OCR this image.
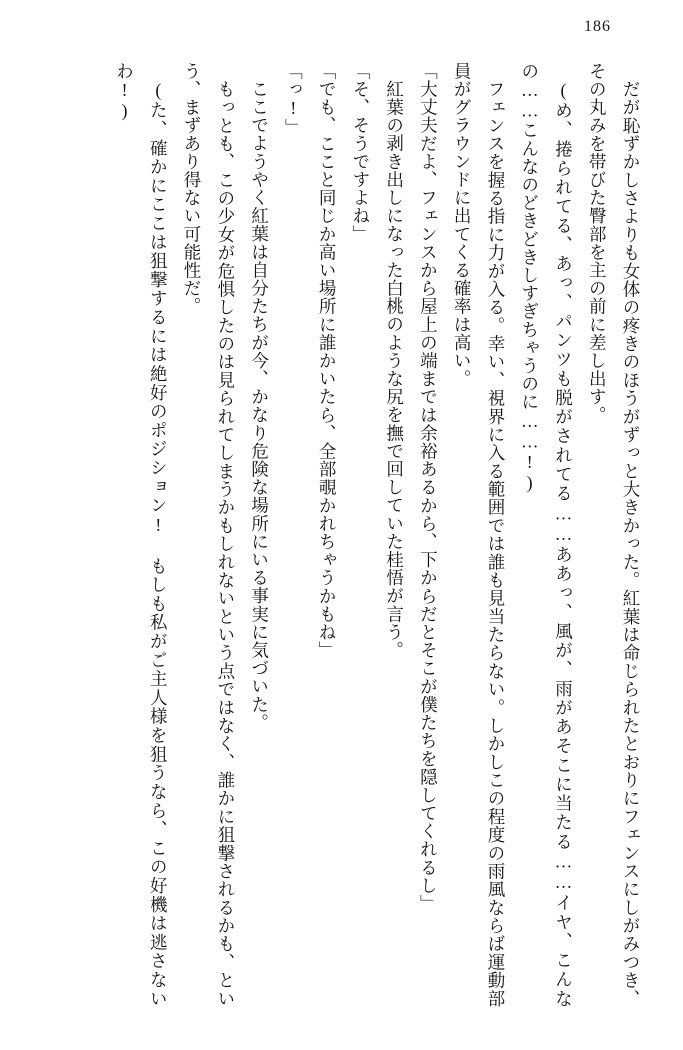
186

だが恥ずかしさよりも女体の疼きのほうがずっと大きかった。紅葉は命じられたとおりにフェンスにしがみつき、その丸みを帯びた臀部を主の前に差し出す。

(め、捲られてる、あっ、パンツも脱がされてる……ああっ、風が、雨があそこに当たる……イヤ、こんなの……こんなのどきどきしすぎちゃうのに……!)

フェンスを握る指に力が入る。幸い、視界に入る範囲では誰も見当たらない。しかしこの程度の雨風ならば運動部員がグラウンドに出てくる確率は高い。

「大丈夫だよ、フェンスから屋上の端までは余裕あるから、下からだとそこが僕たちを隠してくれるし」

紅葉の剥き出しになった白桃のような尻を撫で回していた桂悟が言う。

「そ、そうですよね」

「でも、ここと同じか高い場所に誰かいたら、全部覗かれちゃうかもね」

「っ!」

ここでようやく紅葉は自分たちが今、かなり危険な場所にいる事実に気づいた。

もっとも、この少女が危惧したのは見られてしまうかもしれないという点ではなく、誰かに狙撃されるかも、という、まずあり得ない可能性だ。

(た、確かにここは狙撃するには絶好のポジション! もしも私がご主人様を狙うなら、この好機は逃さないわ!)
